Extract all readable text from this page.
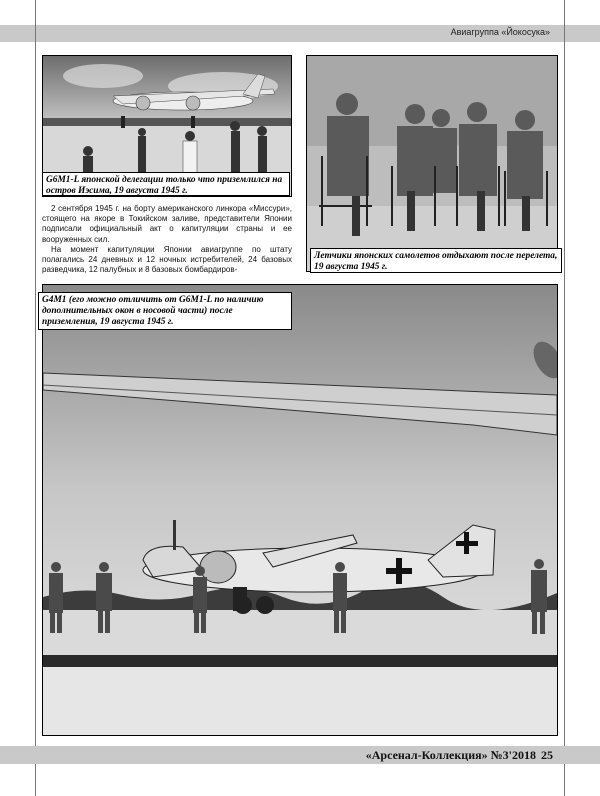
Авиагруппа «Йокосука»
G6M1-L японской делегации только что приземлился на остров Иэсима, 19 августа 1945 г.
Летчики японских самолетов отдыхают после перелета, 19 августа 1945 г.

2 сентября 1945 г. на борту американского линкора «Миссури», стоящего на якоре в Токийском заливе, представители Японии подписали официальный акт о капитуляции страны и ее вооруженных сил.

На момент капитуляции Японии авиагруппе по штату полагались 24 дневных и 12 ночных истребителей, 24 базовых разведчика, 12 палубных и 8 базовых бомбардиров-

G4M1 (его можно отличить от G6M1-L по наличию дополнительных окон в носовой части) после приземления, 19 августа 1945 г.
«Арсенал-Коллекция» №3'2018 25
